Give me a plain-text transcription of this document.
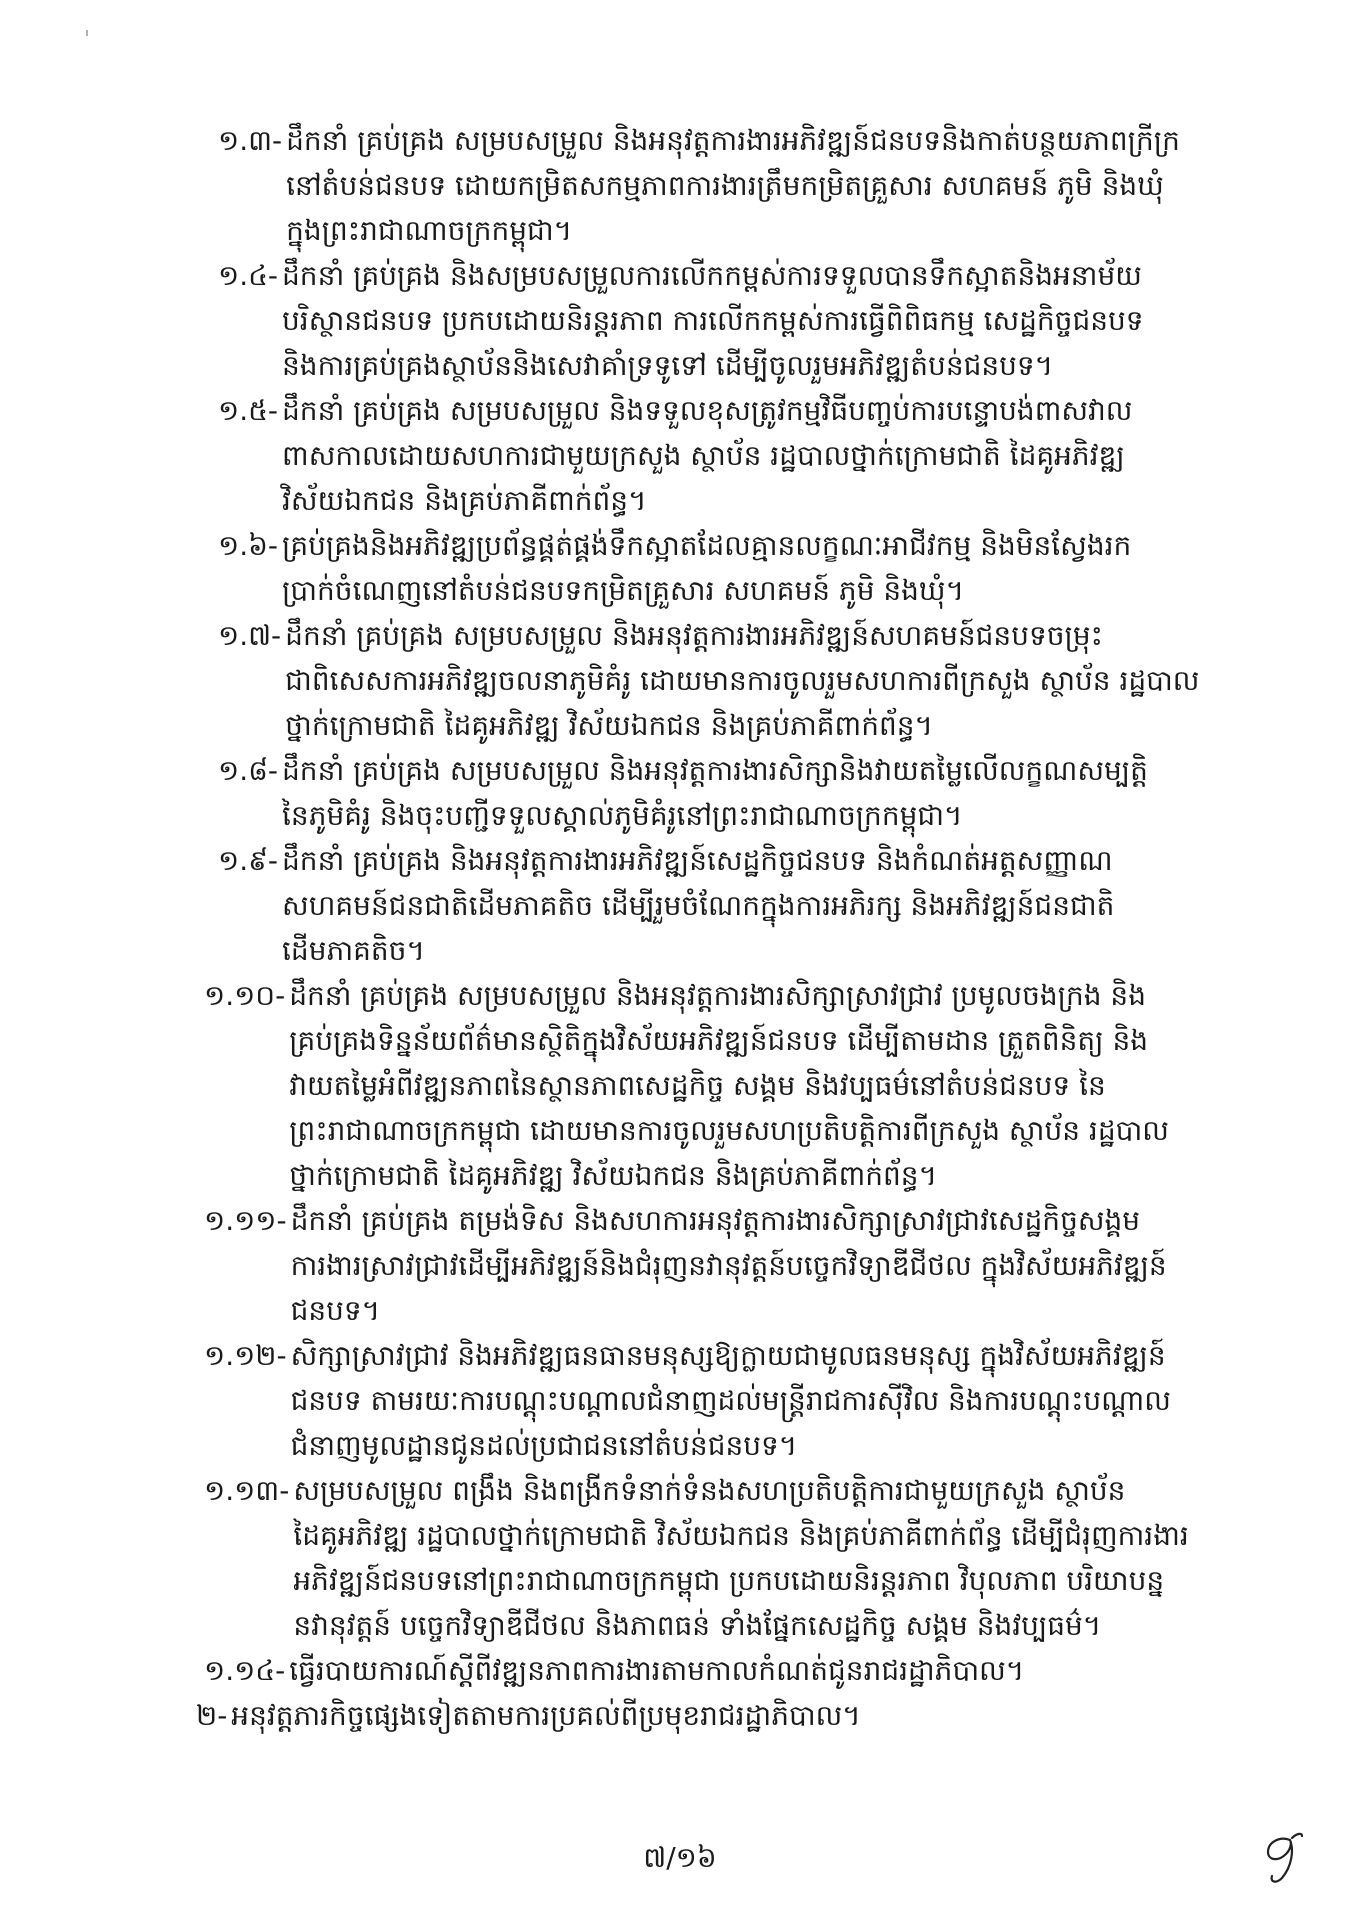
១.៣- ដឹកនាំ គ្រប់គ្រង សម្របសម្រួល និងអនុវត្តការងារអភិវឌ្ឍន៍ជនបទនិងកាត់បន្ថយភាពក្រីក្រ
នៅតំបន់ជនបទ ដោយកម្រិតសកម្មភាពការងារត្រឹមកម្រិតគ្រួសារ សហគមន៍ ភូមិ និងឃុំ
ក្នុងព្រះរាជាណាចក្រកម្ពុជា។
១.៤- ដឹកនាំ គ្រប់គ្រង និងសម្របសម្រួលការលើកកម្ពស់ការទទួលបានទឹកស្អាតនិងអនាម័យ
បរិស្ថានជនបទ ប្រកបដោយនិរន្តរភាព ការលើកកម្ពស់ការធ្វើពិពិធកម្ម សេដ្ឋកិច្ចជនបទ
និងការគ្រប់គ្រងស្ថាប័ននិងសេវាគាំទ្រទូទៅ ដើម្បីចូលរួមអភិវឌ្ឍតំបន់ជនបទ។
១.៥- ដឹកនាំ គ្រប់គ្រង សម្របសម្រួល និងទទួលខុសត្រូវកម្មវិធីបញ្ចប់ការបន្ទោបង់ពាសវាល
ពាសកាលដោយសហការជាមួយក្រសួង ស្ថាប័ន រដ្ឋបាលថ្នាក់ក្រោមជាតិ ដៃគូអភិវឌ្ឍ
វិស័យឯកជន និងគ្រប់ភាគីពាក់ព័ន្ធ។
១.៦- គ្រប់គ្រងនិងអភិវឌ្ឍប្រព័ន្ធផ្គត់ផ្គង់ទឹកស្អាតដែលគ្មានលក្ខណៈអាជីវកម្ម និងមិនស្វែងរក
ប្រាក់ចំណេញនៅតំបន់ជនបទកម្រិតគ្រួសារ សហគមន៍ ភូមិ និងឃុំ។
១.៧- ដឹកនាំ គ្រប់គ្រង សម្របសម្រួល និងអនុវត្តការងារអភិវឌ្ឍន៍សហគមន៍ជនបទចម្រុះ
ជាពិសេសការអភិវឌ្ឍចលនាភូមិគំរូ ដោយមានការចូលរួមសហការពីក្រសួង ស្ថាប័ន រដ្ឋបាល
ថ្នាក់ក្រោមជាតិ ដៃគូអភិវឌ្ឍ វិស័យឯកជន និងគ្រប់ភាគីពាក់ព័ន្ធ។
១.៨- ដឹកនាំ គ្រប់គ្រង សម្របសម្រួល និងអនុវត្តការងារសិក្សានិងវាយតម្លៃលើលក្ខណសម្បត្តិ
នៃភូមិគំរូ និងចុះបញ្ជីទទួលស្គាល់ភូមិគំរូនៅព្រះរាជាណាចក្រកម្ពុជា។
១.៩- ដឹកនាំ គ្រប់គ្រង និងអនុវត្តការងារអភិវឌ្ឍន៍សេដ្ឋកិច្ចជនបទ និងកំណត់អត្តសញ្ញាណ
សហគមន៍ជនជាតិដើមភាគតិច ដើម្បីរួមចំណែកក្នុងការអភិរក្ស និងអភិវឌ្ឍន៍ជនជាតិ
ដើមភាគតិច។
១.១០- ដឹកនាំ គ្រប់គ្រង សម្របសម្រួល និងអនុវត្តការងារសិក្សាស្រាវជ្រាវ ប្រមូលចងក្រង និង
គ្រប់គ្រងទិន្នន័យព័ត៌មានស្ថិតិក្នុងវិស័យអភិវឌ្ឍន៍ជនបទ ដើម្បីតាមដាន ត្រួតពិនិត្យ និង
វាយតម្លៃអំពីវឌ្ឍនភាពនៃស្ថានភាពសេដ្ឋកិច្ច សង្គម និងវប្បធម៌នៅតំបន់ជនបទ នៃ
ព្រះរាជាណាចក្រកម្ពុជា ដោយមានការចូលរួមសហប្រតិបត្តិការពីក្រសួង ស្ថាប័ន រដ្ឋបាល
ថ្នាក់ក្រោមជាតិ ដៃគូអភិវឌ្ឍ វិស័យឯកជន និងគ្រប់ភាគីពាក់ព័ន្ធ។
១.១១- ដឹកនាំ គ្រប់គ្រង តម្រង់ទិស និងសហការអនុវត្តការងារសិក្សាស្រាវជ្រាវសេដ្ឋកិច្ចសង្គម
ការងារស្រាវជ្រាវដើម្បីអភិវឌ្ឍន៍និងជំរុញនវានុវត្តន៍បច្ចេកវិទ្យាឌីជីថល ក្នុងវិស័យអភិវឌ្ឍន៍
ជនបទ។
១.១២- សិក្សាស្រាវជ្រាវ និងអភិវឌ្ឍធនធានមនុស្សឱ្យក្លាយជាមូលធនមនុស្ស ក្នុងវិស័យអភិវឌ្ឍន៍
ជនបទ តាមរយៈការបណ្តុះបណ្តាលជំនាញដល់មន្ត្រីរាជការស៊ីវិល និងការបណ្តុះបណ្តាល
ជំនាញមូលដ្ឋានជូនដល់ប្រជាជននៅតំបន់ជនបទ។
១.១៣- សម្របសម្រួល ពង្រឹង និងពង្រីកទំនាក់ទំនងសហប្រតិបត្តិការជាមួយក្រសួង ស្ថាប័ន
ដៃគូអភិវឌ្ឍ រដ្ឋបាលថ្នាក់ក្រោមជាតិ វិស័យឯកជន និងគ្រប់ភាគីពាក់ព័ន្ធ ដើម្បីជំរុញការងារ
អភិវឌ្ឍន៍ជនបទនៅព្រះរាជាណាចក្រកម្ពុជា ប្រកបដោយនិរន្តរភាព វិបុលភាព បរិយាបន្ន
នវានុវត្តន៍ បច្ចេកវិទ្យាឌីជីថល និងភាពធន់ ទាំងផ្នែកសេដ្ឋកិច្ច សង្គម និងវប្បធម៌។
១.១៤- ធ្វើរបាយការណ៍ស្តីពីវឌ្ឍនភាពការងារតាមកាលកំណត់ជូនរាជរដ្ឋាភិបាល។
២- អនុវត្តភារកិច្ចផ្សេងទៀតតាមការប្រគល់ពីប្រមុខរាជរដ្ឋាភិបាល។
៧/១៦
